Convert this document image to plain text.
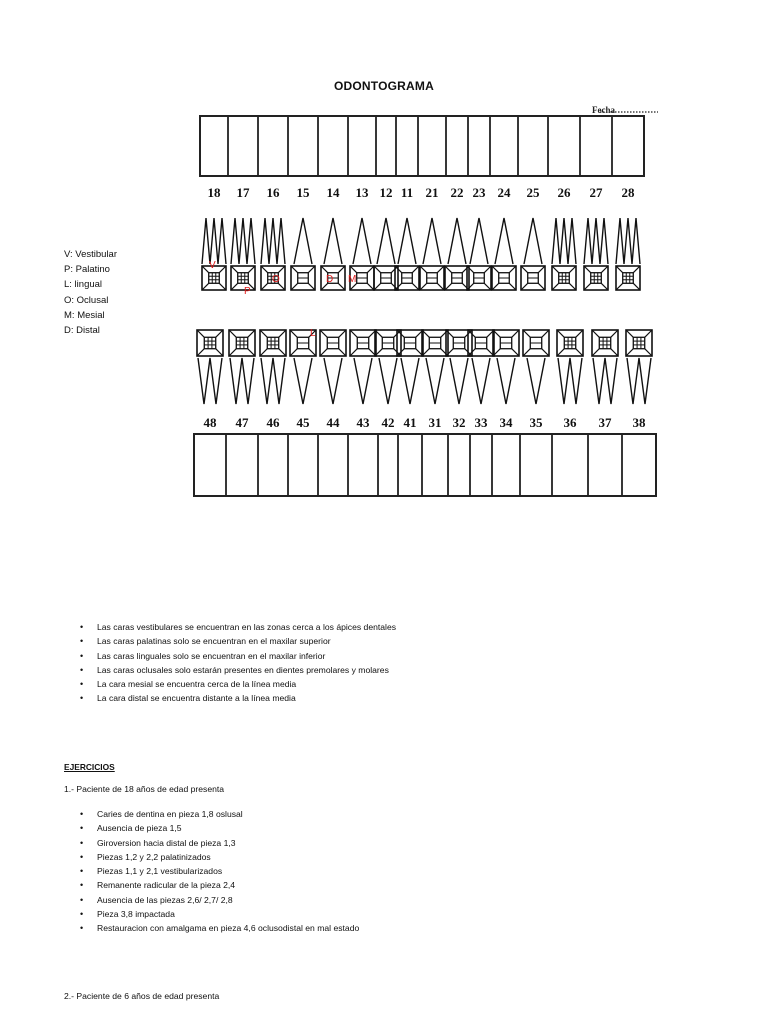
ODONTOGRAMA
V: Vestibular
P: Palatino
L: lingual
O: Oclusal
M: Mesial
D: Distal
Fecha
18 17 16 15 14 13 12 11 21 22 23 24 25 26 27 28
48 47 46 45 44 43 42 41 31 32 33 34 35 36 37 38
V
P
O	D M
L
• Las caras vestibulares se encuentran en las zonas cerca a los ápices dentales
• Las caras palatinas solo se encuentran en el maxilar superior
• Las caras linguales solo se encuentran en el maxilar inferior
• Las caras oclusales solo estarán presentes en dientes premolares y molares
• La cara mesial se encuentra cerca de la línea media
• La cara distal se encuentra distante a la línea media
EJERCICIOS
1.- Paciente de 18 años de edad presenta
• Caries de dentina en pieza 1,8 oslusal
• Ausencia de pieza 1,5
• Giroversion hacia distal de pieza 1,3
• Piezas 1,2 y 2,2 palatinizados
• Piezas 1,1 y 2,1 vestibularizados
• Remanente radicular de la pieza 2,4
• Ausencia de las piezas 2,6/ 2,7/ 2,8
• Pieza 3,8 impactada
• Restauracion con amalgama en pieza 4,6 oclusodistal en mal estado
2.- Paciente de 6 años de edad presenta
